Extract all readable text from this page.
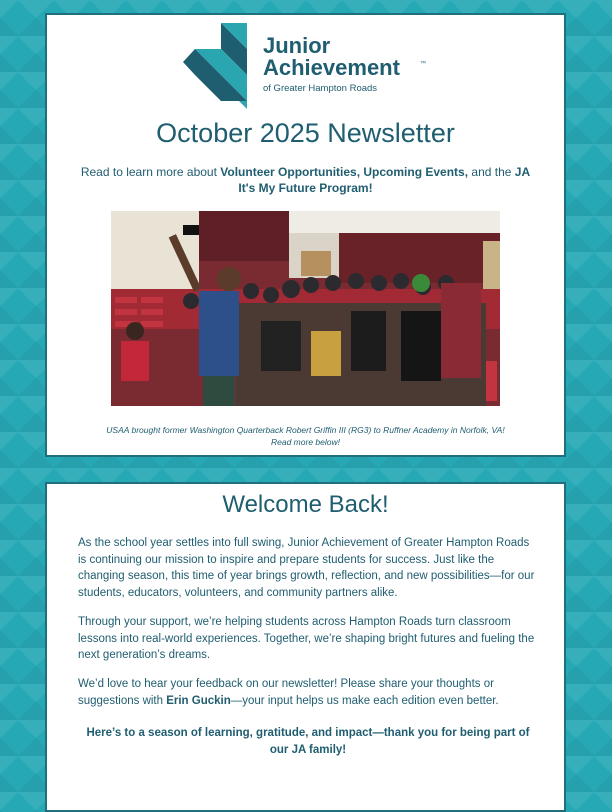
Junior
Achievement
of Greater Hampton Roads
™
October 2025 Newsletter

Read to learn more about Volunteer Opportunities, Upcoming Events, and the JA It's My Future Program!

USAA brought former Washington Quarterback Robert Griffin III (RG3) to Ruffner Academy in Norfolk, VA!
Read more below!

Welcome Back!

As the school year settles into full swing, Junior Achievement of Greater Hampton Roads is continuing our mission to inspire and prepare students for success. Just like the changing season, this time of year brings growth, reflection, and new possibilities—for our students, educators, volunteers, and community partners alike.

Through your support, we’re helping students across Hampton Roads turn classroom lessons into real-world experiences. Together, we’re shaping bright futures and fueling the next generation’s dreams.

We’d love to hear your feedback on our newsletter! Please share your thoughts or suggestions with Erin Guckin—your input helps us make each edition even better.

Here’s to a season of learning, gratitude, and impact—thank you for being part of our JA family!
